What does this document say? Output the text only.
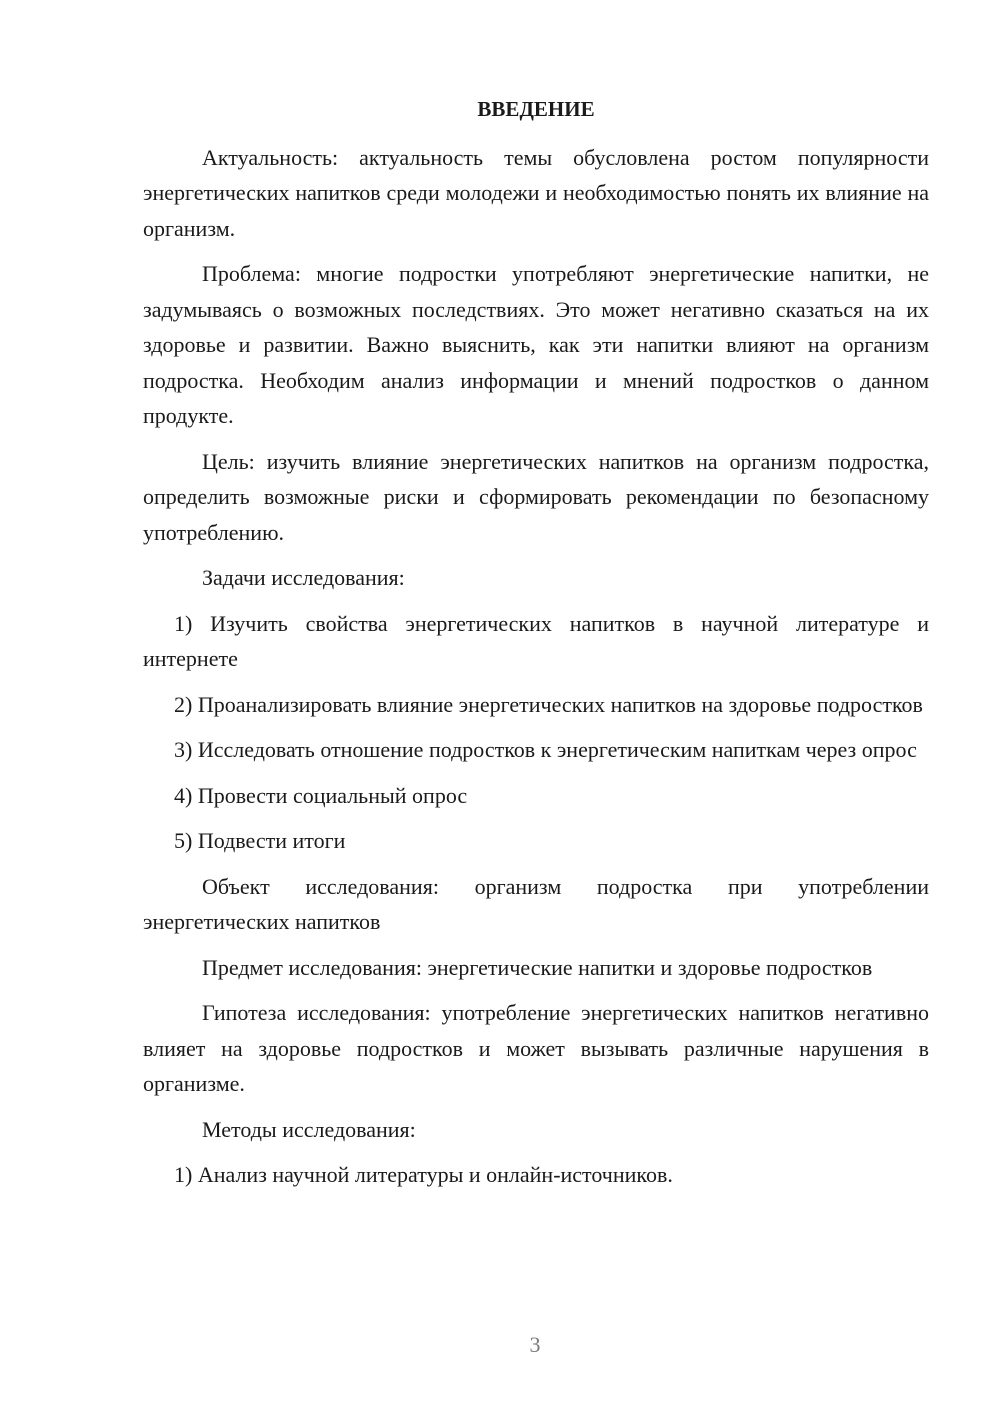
ВВЕДЕНИЕ

Актуальность: актуальность темы обусловлена ростом популярности энергетических напитков среди молодежи и необходимостью понять их влияние на организм.

Проблема: многие подростки употребляют энергетические напитки, не задумываясь о возможных последствиях. Это может негативно сказаться на их здоровье и развитии. Важно выяснить, как эти напитки влияют на организм подростка. Необходим анализ информации и мнений подростков о данном продукте.

Цель: изучить влияние энергетических напитков на организм подростка, определить возможные риски и сформировать рекомендации по безопасному употреблению.

Задачи исследования:

1) Изучить свойства энергетических напитков в научной литературе и интернете

2) Проанализировать влияние энергетических напитков на здоровье подростков

3) Исследовать отношение подростков к энергетическим напиткам через опрос

4) Провести социальный опрос

5) Подвести итоги

Объект исследования: организм подростка при употреблении энергетических напитков

Предмет исследования: энергетические напитки и здоровье подростков

Гипотеза исследования: употребление энергетических напитков негативно влияет на здоровье подростков и может вызывать различные нарушения в организме.

Методы исследования:

1) Анализ научной литературы и онлайн-источников.

3
